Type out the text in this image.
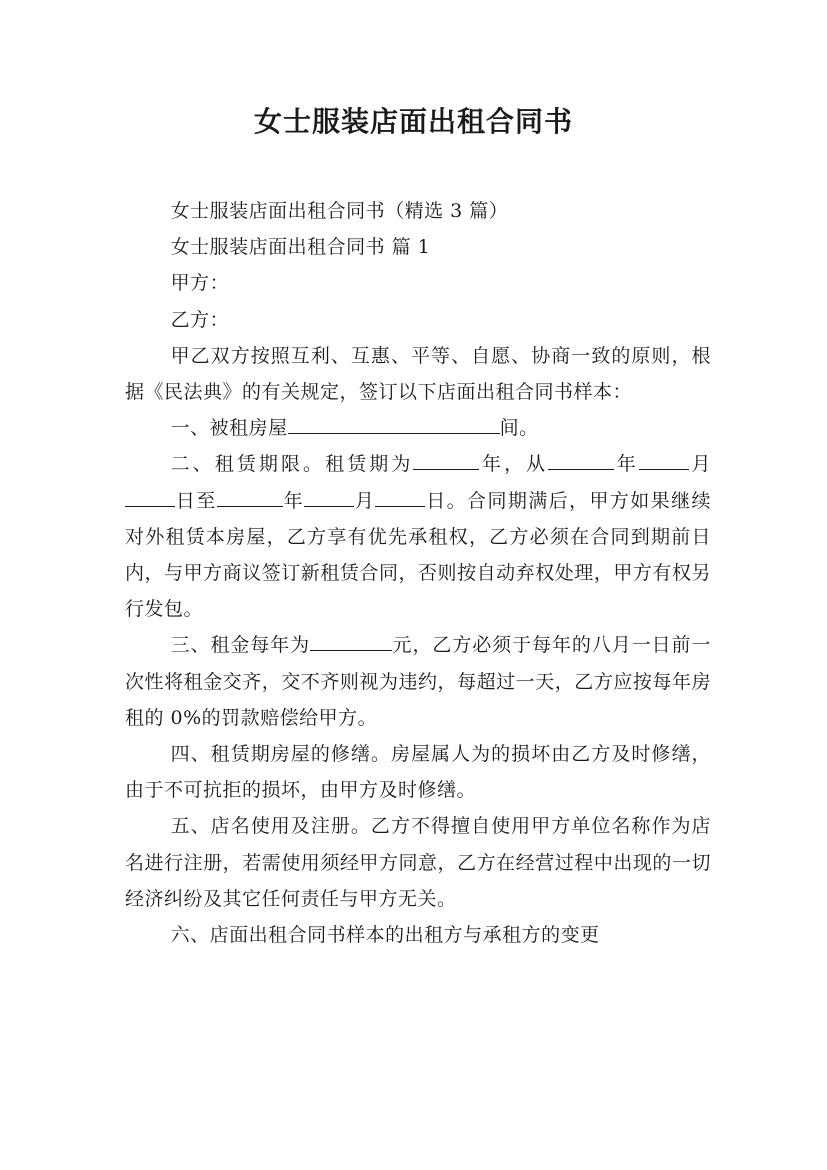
女士服装店面出租合同书

女士服装店面出租合同书（精选 3 篇）

女士服装店面出租合同书 篇 1

甲方：

乙方：

甲乙双方按照互利、互惠、平等、自愿、协商一致的原则，根据《民法典》的有关规定，签订以下店面出租合同书样本：

一、被租房屋	间。

二、租赁期限。租赁期为	年，从	年	月日至	年	月	日。合同期满后，甲方如果继续对外租赁本房屋，乙方享有优先承租权，乙方必须在合同到期前日内，与甲方商议签订新租赁合同，否则按自动弃权处理，甲方有权另行发包。

三、租金每年为	元，乙方必须于每年的八月一日前一次性将租金交齐，交不齐则视为违约，每超过一天，乙方应按每年房租的 0%的罚款赔偿给甲方。

四、租赁期房屋的修缮。房屋属人为的损坏由乙方及时修缮，由于不可抗拒的损坏，由甲方及时修缮。

五、店名使用及注册。乙方不得擅自使用甲方单位名称作为店名进行注册，若需使用须经甲方同意，乙方在经营过程中出现的一切经济纠纷及其它任何责任与甲方无关。

六、店面出租合同书样本的出租方与承租方的变更
